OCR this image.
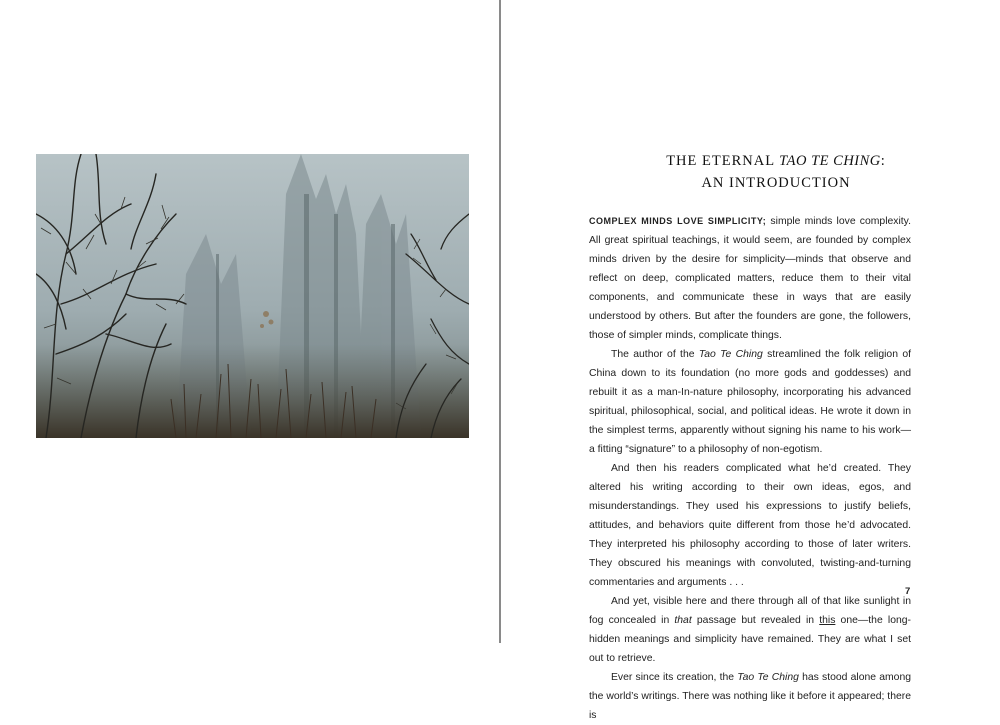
THE ETERNAL TAO TE CHING:
AN INTRODUCTION

COMPLEX MINDS LOVE SIMPLICITY; simple minds love complexity. All great spiritual teachings, it would seem, are founded by complex minds driven by the desire for simplicity—minds that observe and reflect on deep, complicated matters, reduce them to their vital components, and communicate these in ways that are easily understood by others. But after the founders are gone, the followers, those of simpler minds, complicate things.

The author of the Tao Te Ching streamlined the folk religion of China down to its foundation (no more gods and goddesses) and rebuilt it as a man-In-nature philosophy, incorporating his advanced spiritual, philosophical, social, and political ideas. He wrote it down in the simplest terms, apparently without signing his name to his work—a fitting “signature” to a philosophy of non-egotism.

And then his readers complicated what he’d created. They altered his writing according to their own ideas, egos, and misunderstandings. They used his expressions to justify beliefs, attitudes, and behaviors quite different from those he’d advocated. They interpreted his philosophy according to those of later writers. They obscured his meanings with convoluted, twisting-and-turning commentaries and arguments . . .

And yet, visible here and there through all of that like sunlight in fog concealed in that passage but revealed in this one—the long-hidden meanings and simplicity have remained. They are what I set out to retrieve.

Ever since its creation, the Tao Te Ching has stood alone among the world’s writings. There was nothing like it before it appeared; there is

7
